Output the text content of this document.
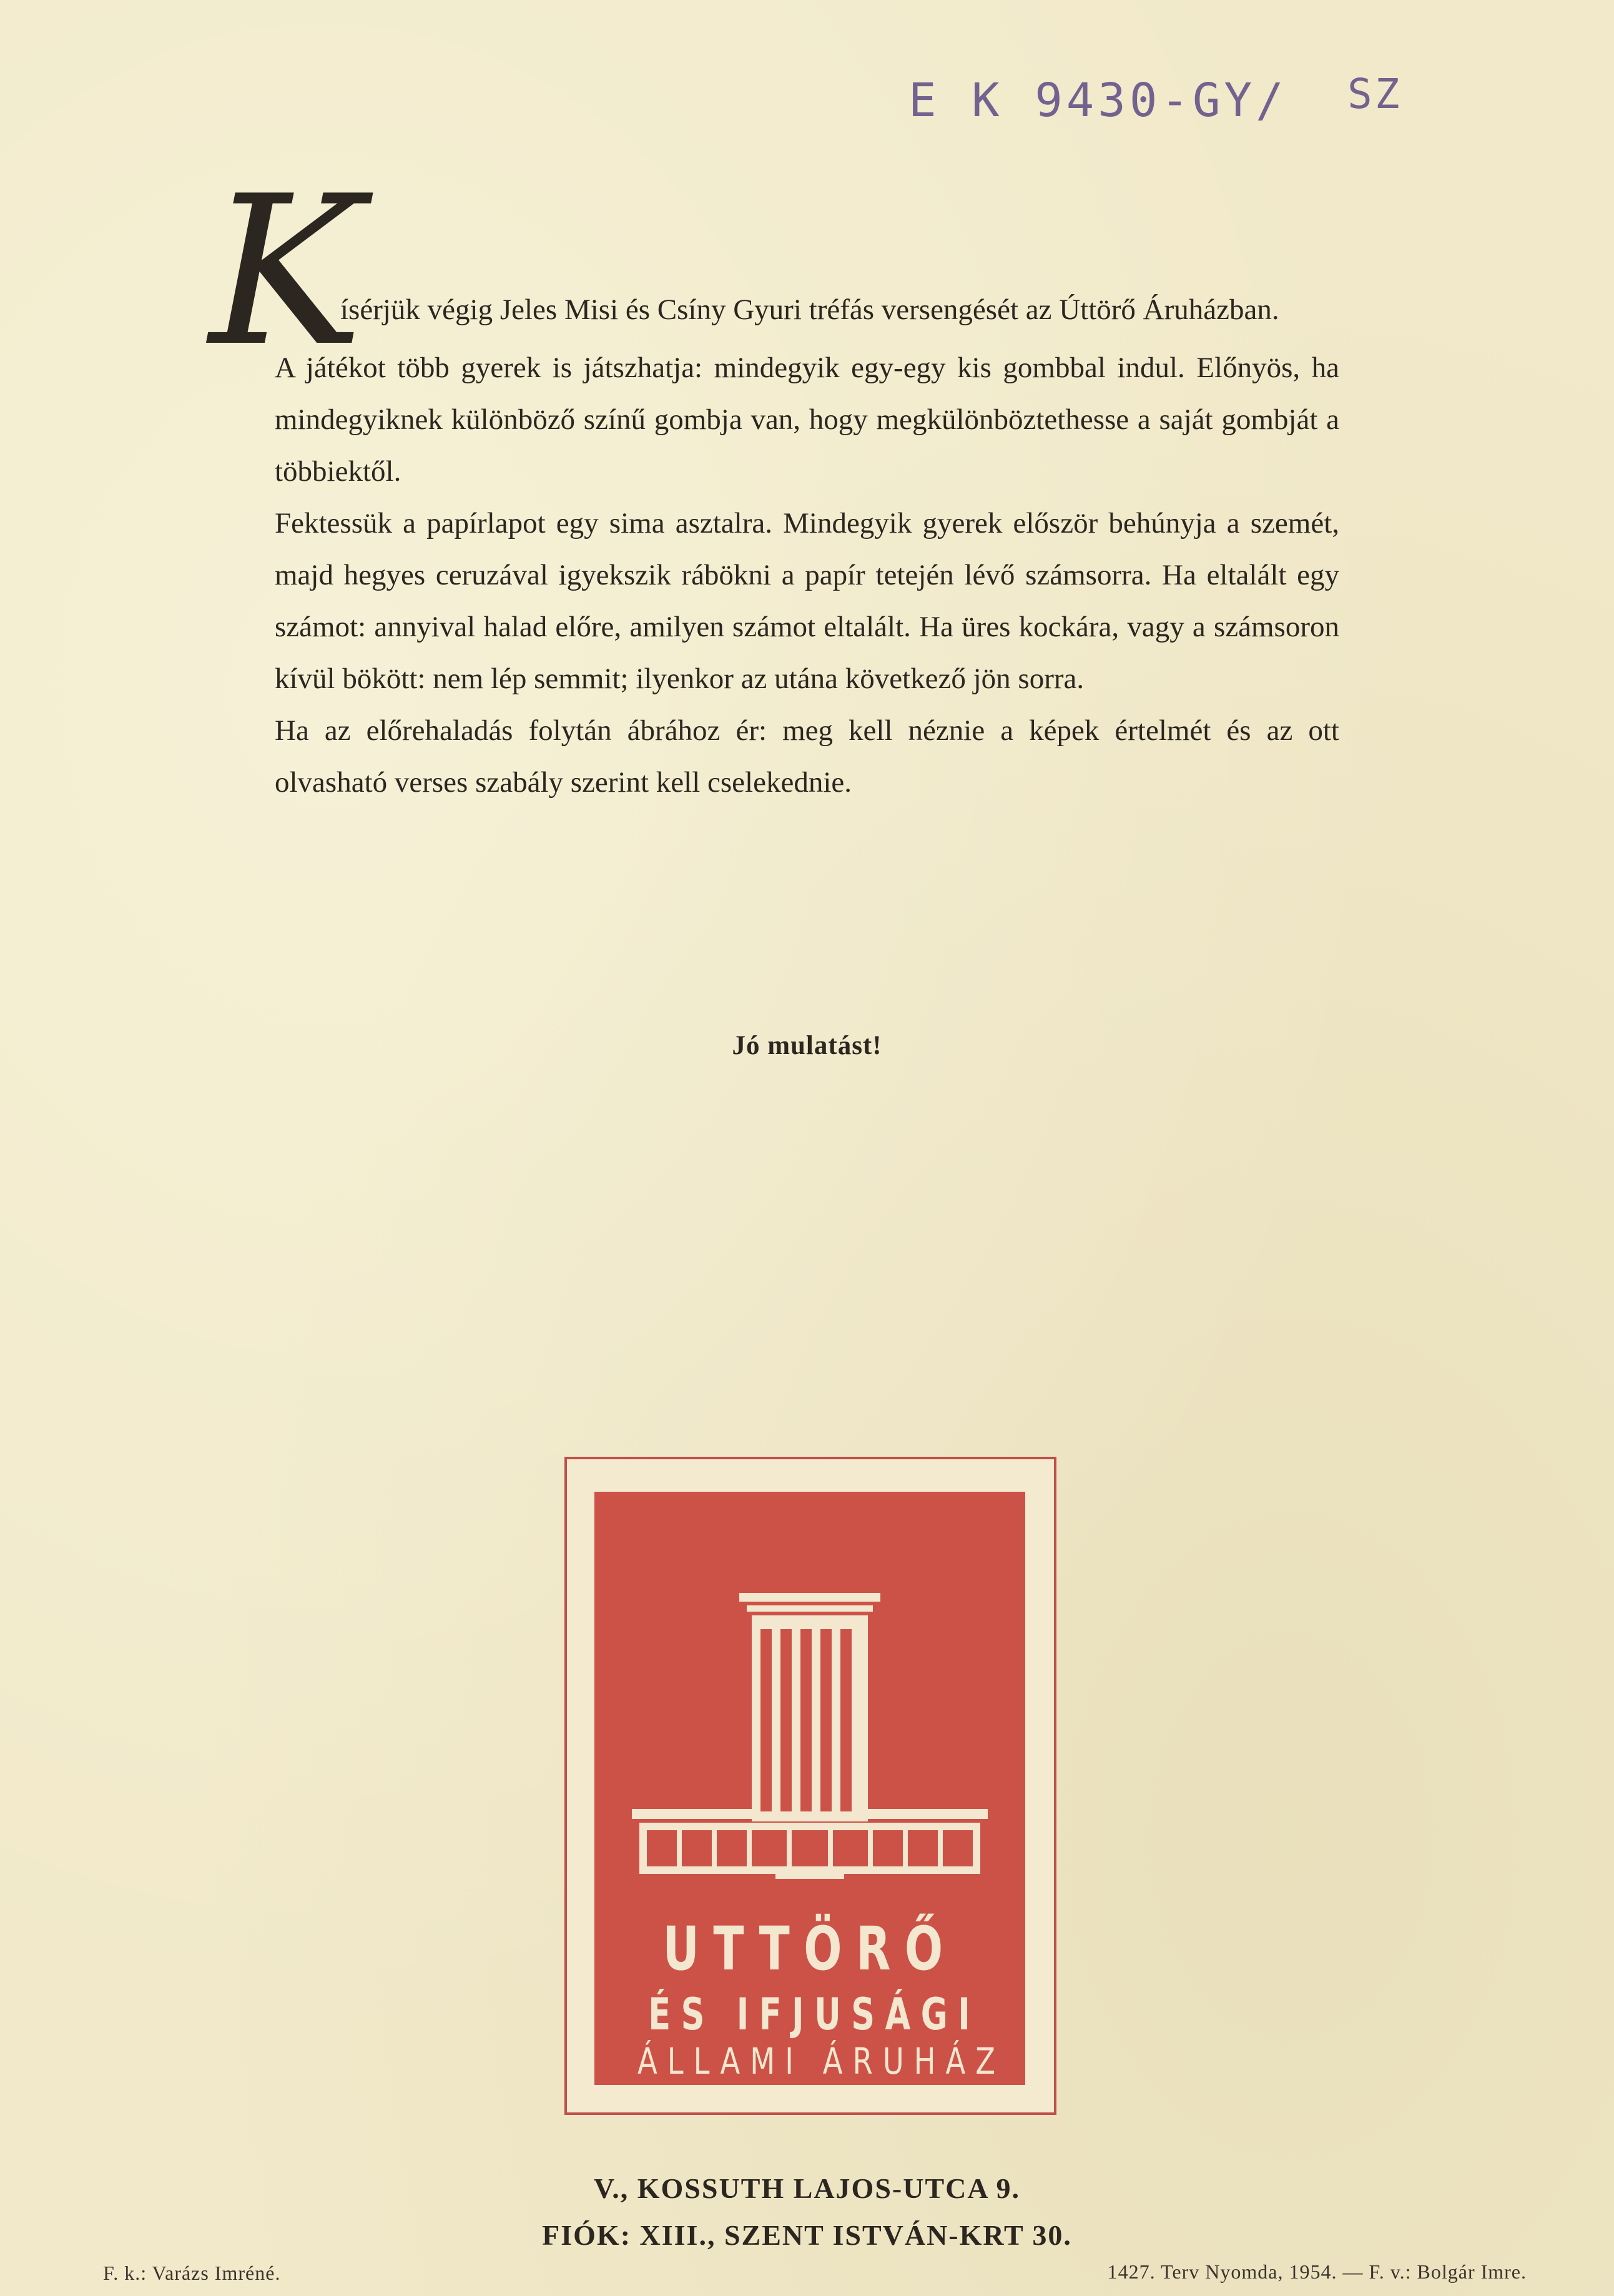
E K 9430-GY/ SZ
K

ísérjük végig Jeles Misi és Csíny Gyuri tréfás versengését az Úttörő Áruházban.

A játékot több gyerek is játszhatja: mindegyik egy-egy kis gombbal indul. Előnyös, ha mindegyiknek különböző színű gombja van, hogy megkülönböztethesse a saját gombját a többiektől.

Fektessük a papírlapot egy sima asztalra. Mindegyik gyerek először behúnyja a szemét, majd hegyes ceruzával igyekszik rábökni a papír tetején lévő számsorra. Ha eltalált egy számot: annyival halad előre, amilyen számot eltalált. Ha üres kockára, vagy a számsoron kívül bökött: nem lép semmit; ilyenkor az utána következő jön sorra.

Ha az előrehaladás folytán ábrához ér: meg kell néznie a képek értelmét és az ott olvasható verses szabály szerint kell cselekednie.

Jó mulatást!
UTTÖRŐ
ÉS IFJUSÁGI
ÁLLAMI ÁRUHÁZ
V., KOSSUTH LAJOS-UTCA 9.
FIÓK: XIII., SZENT ISTVÁN-KRT 30.
F. k.: Varázs Imréné.	1427. Terv Nyomda, 1954. — F. v.: Bolgár Imre.
